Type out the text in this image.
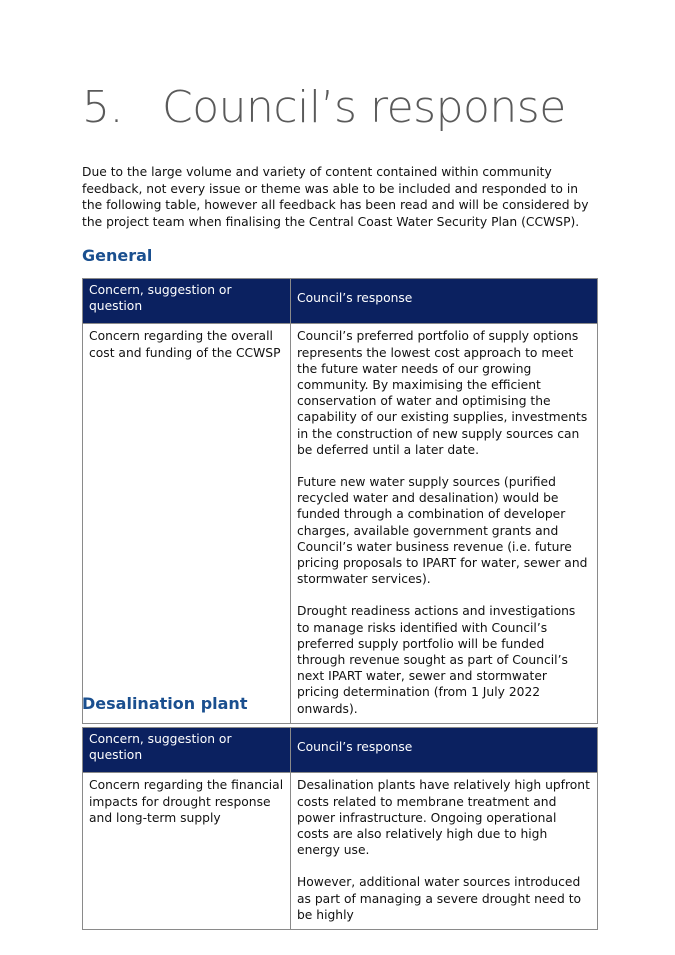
5. Council’s response

Due to the large volume and variety of content contained within community feedback, not every issue or theme was able to be included and responded to in the following table, however all feedback has been read and will be considered by the project team when finalising the Central Coast Water Security Plan (CCWSP).

General
Concern, suggestion or question	Council’s response
Concern regarding the overall cost and funding of the CCWSP	Council’s preferred portfolio of supply options represents the lowest cost approach to meet the future water needs of our growing community. By maximising the efficient conservation of water and optimising the capability of our existing supplies, investments in the construction of new supply sources can be deferred until a later date.

Future new water supply sources (purified recycled water and desalination) would be funded through a combination of developer charges, available government grants and Council’s water business revenue (i.e. future pricing proposals to IPART for water, sewer and stormwater services).

Drought readiness actions and investigations to manage risks identified with Council’s preferred supply portfolio will be funded through revenue sought as part of Council’s next IPART water, sewer and stormwater pricing determination (from 1 July 2022 onwards).

Desalination plant
Concern, suggestion or question	Council’s response
Concern regarding the financial impacts for drought response and long-term supply	Desalination plants have relatively high upfront costs related to membrane treatment and power infrastructure. Ongoing operational costs are also relatively high due to high energy use.

However, additional water sources introduced as part of managing a severe drought need to be highly
